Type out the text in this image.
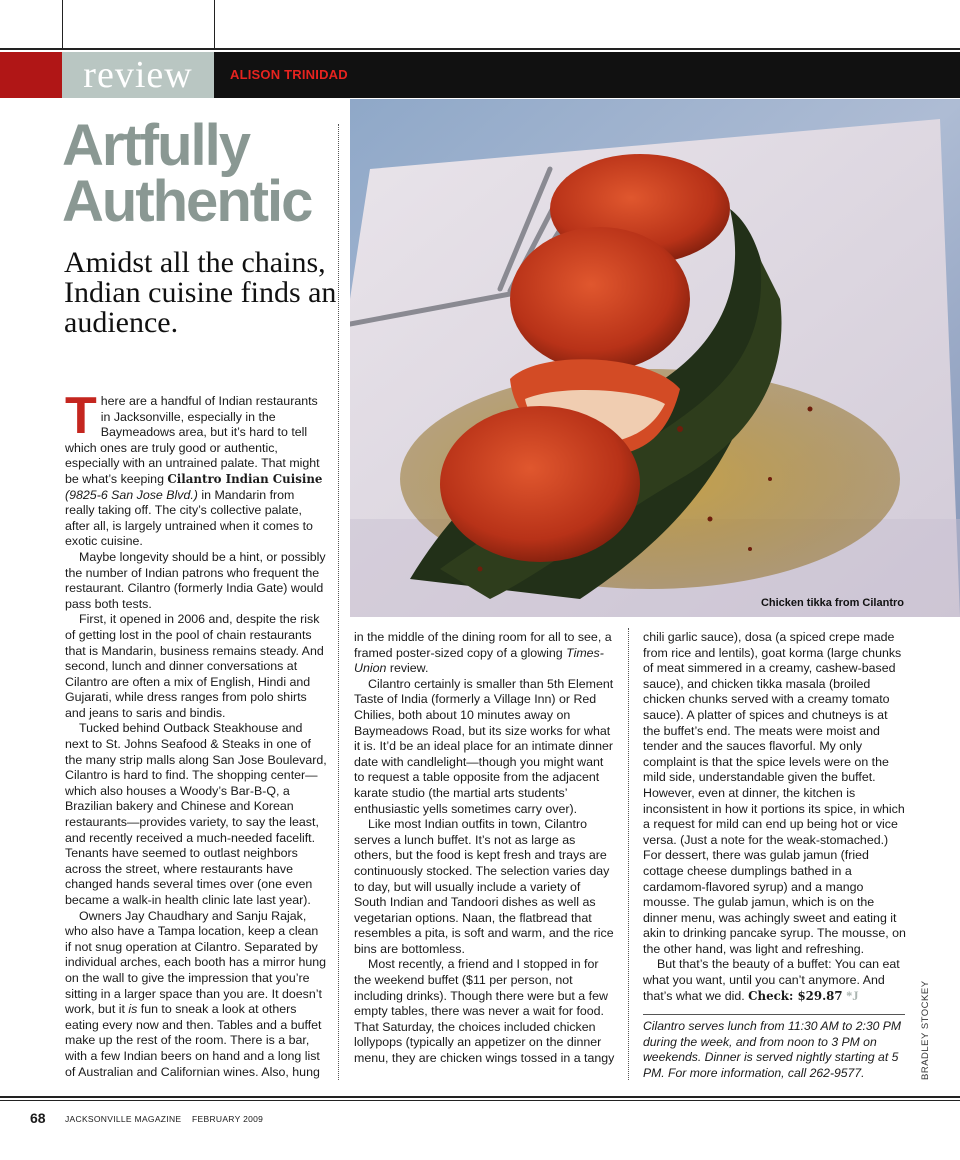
review	ALISON TRINIDAD
Artfully
Authentic
Amidst all the chains, Indian cuisine finds an audience.
Chicken tikka from Cilantro

There are a handful of Indian restaurants in Jacksonville, especially in the Baymeadows area, but it’s hard to tell which ones are truly good or authentic, especially with an untrained palate. That might be what’s keeping Cilantro Indian Cuisine (9825-6 San Jose Blvd.) in Mandarin from really taking off. The city’s collective palate, after all, is largely untrained when it comes to exotic cuisine.

Maybe longevity should be a hint, or possibly the number of Indian patrons who frequent the restaurant. Cilantro (formerly India Gate) would pass both tests.

First, it opened in 2006 and, despite the risk of getting lost in the pool of chain restaurants that is Mandarin, business remains steady. And second, lunch and dinner conversations at Cilantro are often a mix of English, Hindi and Gujarati, while dress ranges from polo shirts and jeans to saris and bindis.

Tucked behind Outback Steakhouse and next to St. Johns Seafood & Steaks in one of the many strip malls along San Jose Boulevard, Cilantro is hard to find. The shopping center—which also houses a Woody’s Bar-B-Q, a Brazilian bakery and Chinese and Korean restaurants—provides variety, to say the least, and recently received a much-needed facelift. Tenants have seemed to outlast neighbors across the street, where restaurants have changed hands several times over (one even became a walk-in health clinic late last year).

Owners Jay Chaudhary and Sanju Rajak, who also have a Tampa location, keep a clean if not snug operation at Cilantro. Separated by individual arches, each booth has a mirror hung on the wall to give the impression that you’re sitting in a larger space than you are. It doesn’t work, but it is fun to sneak a look at others eating every now and then. Tables and a buffet make up the rest of the room. There is a bar, with a few Indian beers on hand and a long list of Australian and Californian wines. Also, hung

in the middle of the dining room for all to see, a framed poster-sized copy of a glowing Times-Union review.

Cilantro certainly is smaller than 5th Element Taste of India (formerly a Village Inn) or Red Chilies, both about 10 minutes away on Baymeadows Road, but its size works for what it is. It’d be an ideal place for an intimate dinner date with candlelight—though you might want to request a table opposite from the adjacent karate studio (the martial arts students’ enthusiastic yells sometimes carry over).

Like most Indian outfits in town, Cilantro serves a lunch buffet. It’s not as large as others, but the food is kept fresh and trays are continuously stocked. The selection varies day to day, but will usually include a variety of South Indian and Tandoori dishes as well as vegetarian options. Naan, the flatbread that resembles a pita, is soft and warm, and the rice bins are bottomless.

Most recently, a friend and I stopped in for the weekend buffet ($11 per person, not including drinks). Though there were but a few empty tables, there was never a wait for food. That Saturday, the choices included chicken lollypops (typically an appetizer on the dinner menu, they are chicken wings tossed in a tangy

chili garlic sauce), dosa (a spiced crepe made from rice and lentils), goat korma (large chunks of meat simmered in a creamy, cashew-based sauce), and chicken tikka masala (broiled chicken chunks served with a creamy tomato sauce). A platter of spices and chutneys is at the buffet’s end. The meats were moist and tender and the sauces flavorful. My only complaint is that the spice levels were on the mild side, understandable given the buffet. However, even at dinner, the kitchen is inconsistent in how it portions its spice, in which a request for mild can end up being hot or vice versa. (Just a note for the weak-stomached.) For dessert, there was gulab jamun (fried cottage cheese dumplings bathed in a cardamom-flavored syrup) and a mango mousse. The gulab jamun, which is on the dinner menu, was achingly sweet and eating it akin to drinking pancake syrup. The mousse, on the other hand, was light and refreshing.

But that’s the beauty of a buffet: You can eat what you want, until you can’t anymore. And that’s what we did. Check: $29.87 *J

Cilantro serves lunch from 11:30 AM to 2:30 PM during the week, and from noon to 3 PM on weekends. Dinner is served nightly starting at 5 PM. For more information, call 262-9577.	BRADLEY STOCKEY
68 JACKSONVILLE MAGAZINE FEBRUARY 2009
